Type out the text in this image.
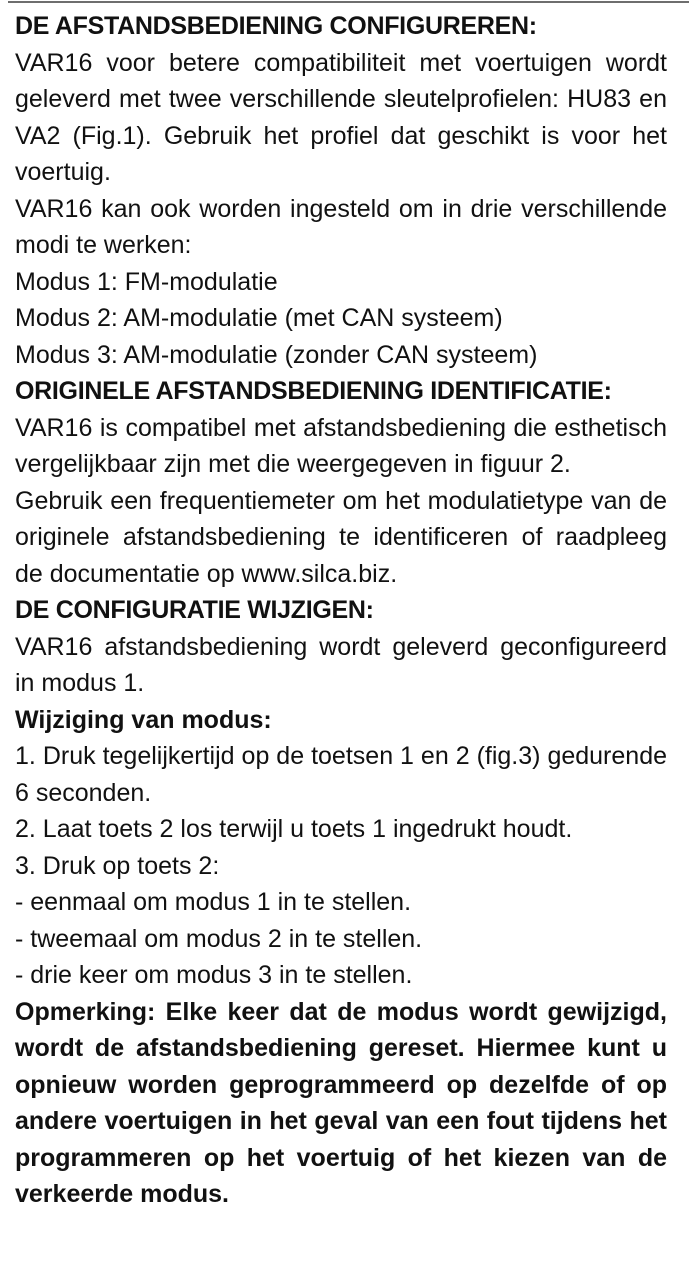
DE AFSTANDSBEDIENING CONFIGUREREN:

VAR16 voor betere compatibiliteit met voertuigen wordt geleverd met twee verschillende sleutelprofielen: HU83 en VA2 (Fig.1). Gebruik het profiel dat geschikt is voor het voertuig.

VAR16 kan ook worden ingesteld om in drie verschillende modi te werken:

Modus 1: FM-modulatie

Modus 2: AM-modulatie (met CAN systeem)

Modus 3: AM-modulatie (zonder CAN systeem)

ORIGINELE AFSTANDSBEDIENING IDENTIFICATIE:

VAR16 is compatibel met afstandsbediening die esthetisch vergelijkbaar zijn met die weergegeven in figuur 2.

Gebruik een frequentiemeter om het modulatietype van de originele afstandsbediening te identificeren of raadpleeg de documentatie op www.silca.biz.

DE CONFIGURATIE WIJZIGEN:

VAR16 afstandsbediening wordt geleverd geconfigureerd in modus 1.

Wijziging van modus:

1. Druk tegelijkertijd op de toetsen 1 en 2 (fig.3) gedurende 6 seconden.

2. Laat toets 2 los terwijl u toets 1 ingedrukt houdt.

3. Druk op toets 2:

- eenmaal om modus 1 in te stellen.

- tweemaal om modus 2 in te stellen.

- drie keer om modus 3 in te stellen.

Opmerking: Elke keer dat de modus wordt gewijzigd, wordt de afstandsbediening gereset. Hiermee kunt u opnieuw worden geprogrammeerd op dezelfde of op andere voertuigen in het geval van een fout tijdens het programmeren op het voertuig of het kiezen van de verkeerde modus.
